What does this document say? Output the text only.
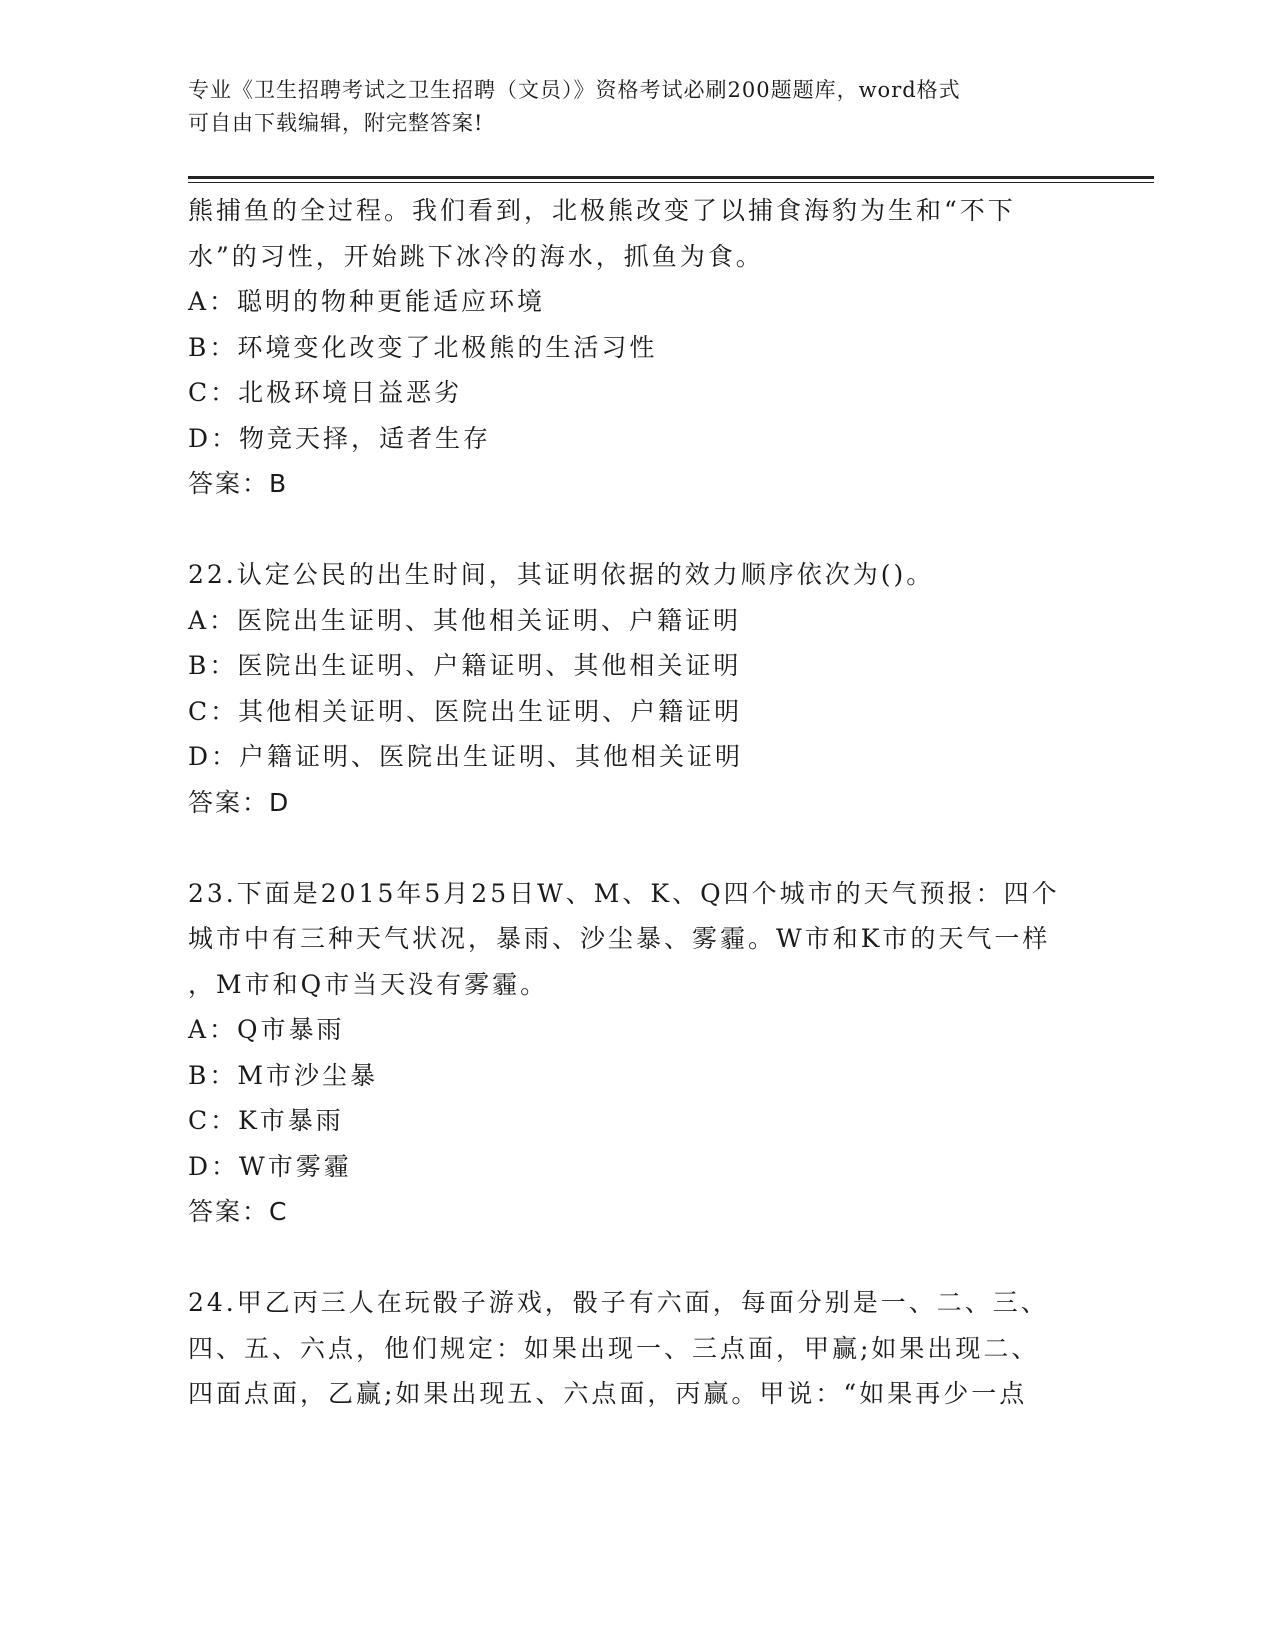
专业《卫生招聘考试之卫生招聘（文员）》资格考试必刷200题题库，word格式
可自由下载编辑，附完整答案!
熊捕鱼的全过程。我们看到，北极熊改变了以捕食海豹为生和“不下
水”的习性，开始跳下冰冷的海水，抓鱼为食。
A：聪明的物种更能适应环境
B：环境变化改变了北极熊的生活习性
C：北极环境日益恶劣
D：物竞天择，适者生存
答案：B
22.认定公民的出生时间，其证明依据的效力顺序依次为()。
A：医院出生证明、其他相关证明、户籍证明
B：医院出生证明、户籍证明、其他相关证明
C：其他相关证明、医院出生证明、户籍证明
D：户籍证明、医院出生证明、其他相关证明
答案：D
23.下面是2015年5月25日W、M、K、Q四个城市的天气预报：四个
城市中有三种天气状况，暴雨、沙尘暴、雾霾。W市和K市的天气一样
，M市和Q市当天没有雾霾。
A：Q市暴雨
B：M市沙尘暴
C：K市暴雨
D：W市雾霾
答案：C
24.甲乙丙三人在玩骰子游戏，骰子有六面，每面分别是一、二、三、
四、五、六点，他们规定：如果出现一、三点面，甲赢;如果出现二、
四面点面，乙赢;如果出现五、六点面，丙赢。甲说：“如果再少一点
